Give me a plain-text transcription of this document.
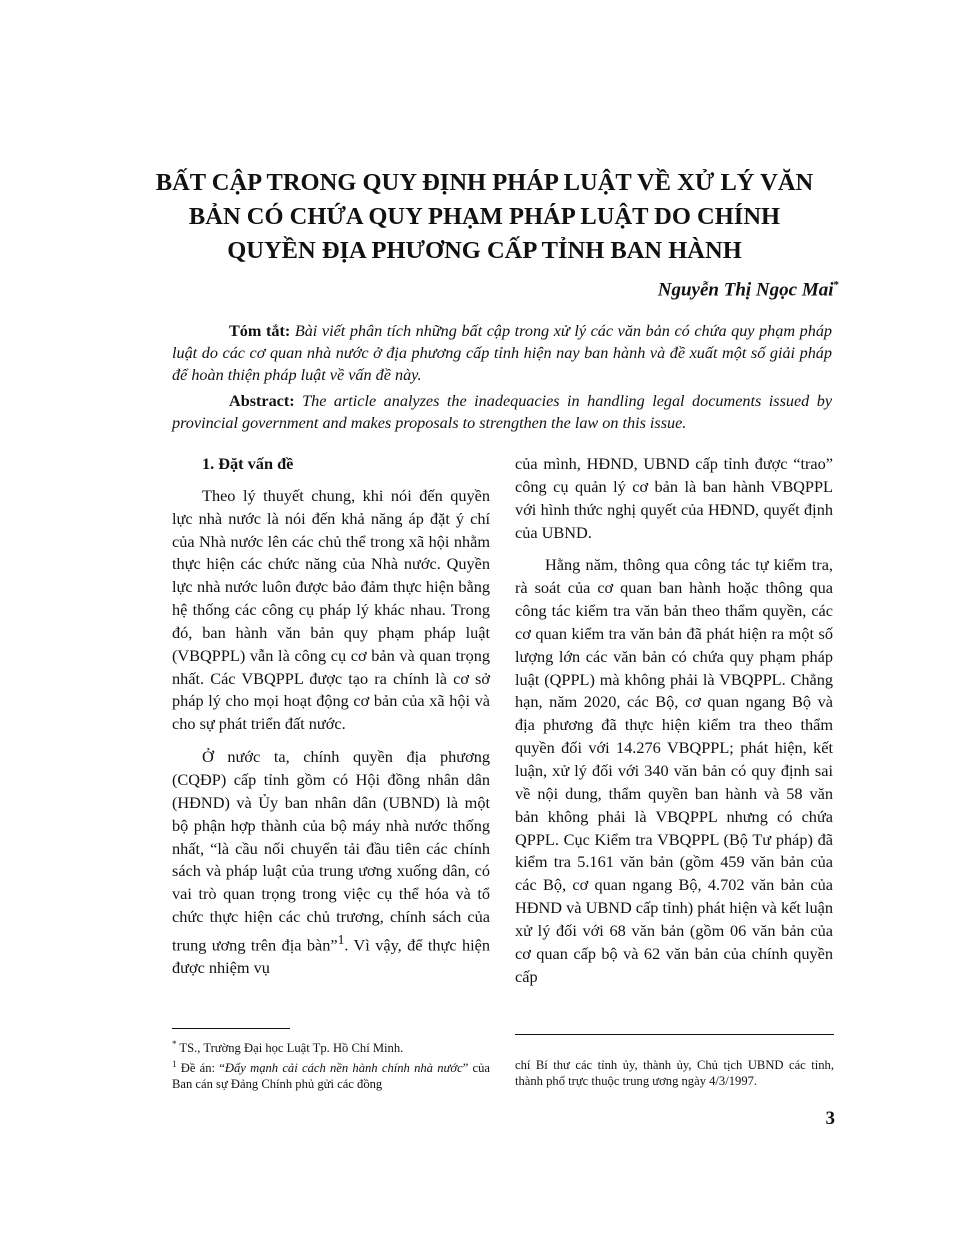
BẤT CẬP TRONG QUY ĐỊNH PHÁP LUẬT VỀ XỬ LÝ VĂN
BẢN CÓ CHỨA QUY PHẠM PHÁP LUẬT DO CHÍNH
QUYỀN ĐỊA PHƯƠNG CẤP TỈNH BAN HÀNH
Nguyễn Thị Ngọc Mai*

Tóm tắt: Bài viết phân tích những bất cập trong xử lý các văn bản có chứa quy phạm pháp luật do các cơ quan nhà nước ở địa phương cấp tỉnh hiện nay ban hành và đề xuất một số giải pháp để hoàn thiện pháp luật về vấn đề này.

Abstract: The article analyzes the inadequacies in handling legal documents issued by provincial government and makes proposals to strengthen the law on this issue.

1. Đặt vấn đề

Theo lý thuyết chung, khi nói đến quyền lực nhà nước là nói đến khả năng áp đặt ý chí của Nhà nước lên các chủ thể trong xã hội nhằm thực hiện các chức năng của Nhà nước. Quyền lực nhà nước luôn được bảo đảm thực hiện bằng hệ thống các công cụ pháp lý khác nhau. Trong đó, ban hành văn bản quy phạm pháp luật (VBQPPL) vẫn là công cụ cơ bản và quan trọng nhất. Các VBQPPL được tạo ra chính là cơ sở pháp lý cho mọi hoạt động cơ bản của xã hội và cho sự phát triển đất nước.

Ở nước ta, chính quyền địa phương (CQĐP) cấp tỉnh gồm có Hội đồng nhân dân (HĐND) và Ủy ban nhân dân (UBND) là một bộ phận hợp thành của bộ máy nhà nước thống nhất, “là cầu nối chuyển tải đầu tiên các chính sách và pháp luật của trung ương xuống dân, có vai trò quan trọng trong việc cụ thể hóa và tổ chức thực hiện các chủ trương, chính sách của trung ương trên địa bàn”$^1$. Vì vậy, để thực hiện được nhiệm vụ

của mình, HĐND, UBND cấp tỉnh được “trao” công cụ quản lý cơ bản là ban hành VBQPPL với hình thức nghị quyết của HĐND, quyết định của UBND.

Hằng năm, thông qua công tác tự kiểm tra, rà soát của cơ quan ban hành hoặc thông qua công tác kiểm tra văn bản theo thẩm quyền, các cơ quan kiểm tra văn bản đã phát hiện ra một số lượng lớn các văn bản có chứa quy phạm pháp luật (QPPL) mà không phải là VBQPPL. Chẳng hạn, năm 2020, các Bộ, cơ quan ngang Bộ và địa phương đã thực hiện kiểm tra theo thẩm quyền đối với 14.276 VBQPPL; phát hiện, kết luận, xử lý đối với 340 văn bản có quy định sai về nội dung, thẩm quyền ban hành và 58 văn bản không phải là VBQPPL nhưng có chứa QPPL. Cục Kiểm tra VBQPPL (Bộ Tư pháp) đã kiểm tra 5.161 văn bản (gồm 459 văn bản của các Bộ, cơ quan ngang Bộ, 4.702 văn bản của HĐND và UBND cấp tỉnh) phát hiện và kết luận xử lý đối với 68 văn bản (gồm 06 văn bản của cơ quan cấp bộ và 62 văn bản của chính quyền cấp

* TS., Trường Đại học Luật Tp. Hồ Chí Minh.
$^1$ Đề án: “Đẩy mạnh cải cách nền hành chính nhà nước” của Ban cán sự Đảng Chính phủ gửi các đồng
chí Bí thư các tỉnh ủy, thành ủy, Chủ tịch UBND các tỉnh, thành phố trực thuộc trung ương ngày 4/3/1997.
3
